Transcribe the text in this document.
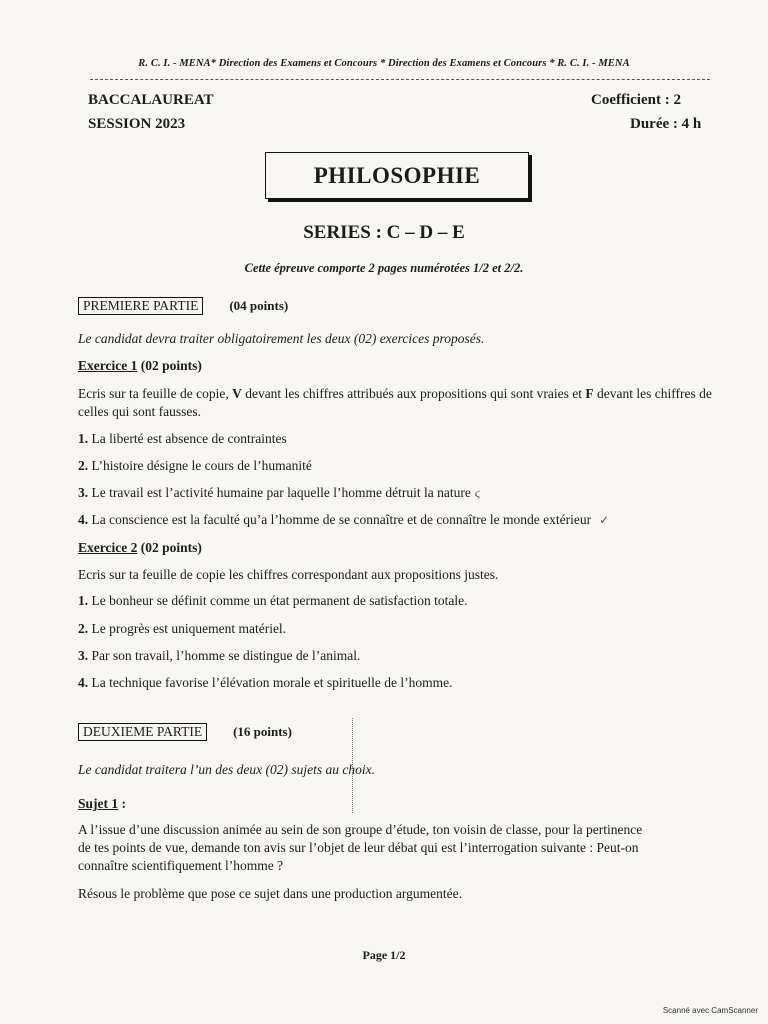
R. C. I. - MENA* Direction des Examens et Concours * Direction des Examens et Concours * R. C. I. - MENA
BACCALAUREAT
SESSION 2023
Coefficient : 2
Durée : 4 h
PHILOSOPHIE
SERIES : C – D – E
Cette épreuve comporte 2 pages numérotées 1/2 et 2/2.
PREMIERE PARTIE (04 points)
Le candidat devra traiter obligatoirement les deux (02) exercices proposés.
Exercice 1 (02 points)
Ecris sur ta feuille de copie, V devant les chiffres attribués aux propositions qui sont vraies et F devant les chiffres de celles qui sont fausses.
1. La liberté est absence de contraintes
2. L’histoire désigne le cours de l’humanité
3. Le travail est l’activité humaine par laquelle l’homme détruit la nature ϛ
4. La conscience est la faculté qu’a l’homme de se connaître et de connaître le monde extérieur ✓
Exercice 2 (02 points)
Ecris sur ta feuille de copie les chiffres correspondant aux propositions justes.
1. Le bonheur se définit comme un état permanent de satisfaction totale.
2. Le progrès est uniquement matériel.
3. Par son travail, l’homme se distingue de l’animal.
4. La technique favorise l’élévation morale et spirituelle de l’homme.
DEUXIEME PARTIE (16 points)
Le candidat traitera l’un des deux (02) sujets au choix.
Sujet 1 :
A l’issue d’une discussion animée au sein de son groupe d’étude, ton voisin de classe, pour la pertinence
de tes points de vue, demande ton avis sur l’objet de leur débat qui est l’interrogation suivante : Peut-on
connaître scientifiquement l’homme ?
Résous le problème que pose ce sujet dans une production argumentée.
Page 1/2
Scanné avec CamScanner
